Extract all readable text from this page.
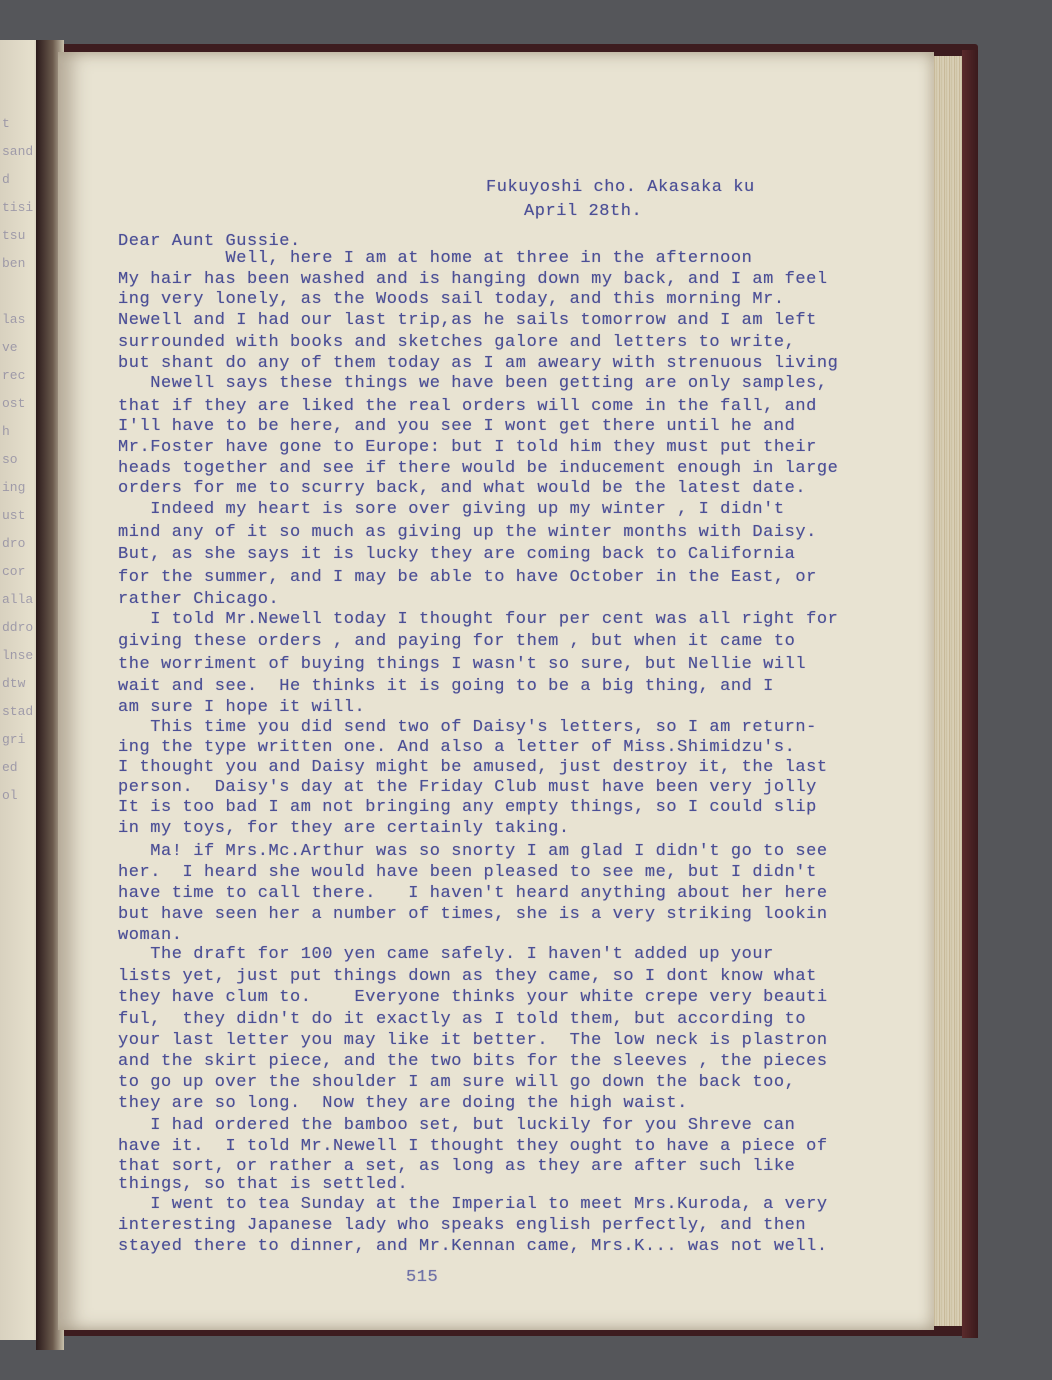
t
sand
d
tisi
tsu
ben

las
ve
rec
ost
h
so
ing
ust
dro
cor
alla
ddro
lnse
dtw
stad
gri
ed
ol
Fukuyoshi cho. Akasaka ku
April 28th.
Dear Aunt Gussie.
Well, here I am at home at three in the afternoon
My hair has been washed and is hanging down my back, and I am feel
ing very lonely, as the Woods sail today, and this morning Mr.
Newell and I had our last trip,as he sails tomorrow and I am left
surrounded with books and sketches galore and letters to write,
but shant do any of them today as I am aweary with strenuous living
Newell says these things we have been getting are only samples,
that if they are liked the real orders will come in the fall, and
I'll have to be here, and you see I wont get there until he and
Mr.Foster have gone to Europe: but I told him they must put their
heads together and see if there would be inducement enough in large
orders for me to scurry back, and what would be the latest date.
Indeed my heart is sore over giving up my winter , I didn't
mind any of it so much as giving up the winter months with Daisy.
But, as she says it is lucky they are coming back to California
for the summer, and I may be able to have October in the East, or
rather Chicago.
I told Mr.Newell today I thought four per cent was all right for
giving these orders , and paying for them , but when it came to
the worriment of buying things I wasn't so sure, but Nellie will
wait and see.  He thinks it is going to be a big thing, and I
am sure I hope it will.
This time you did send two of Daisy's letters, so I am return-
ing the type written one. And also a letter of Miss.Shimidzu's.
I thought you and Daisy might be amused, just destroy it, the last
person.  Daisy's day at the Friday Club must have been very jolly
It is too bad I am not bringing any empty things, so I could slip
in my toys, for they are certainly taking.
Ma! if Mrs.Mc.Arthur was so snorty I am glad I didn't go to see
her.  I heard she would have been pleased to see me, but I didn't
have time to call there.   I haven't heard anything about her here
but have seen her a number of times, she is a very striking lookin
woman.
The draft for 100 yen came safely. I haven't added up your
lists yet, just put things down as they came, so I dont know what
they have clum to.    Everyone thinks your white crepe very beauti
ful,  they didn't do it exactly as I told them, but according to
your last letter you may like it better.  The low neck is plastron
and the skirt piece, and the two bits for the sleeves , the pieces
to go up over the shoulder I am sure will go down the back too,
they are so long.  Now they are doing the high waist.
I had ordered the bamboo set, but luckily for you Shreve can
have it.  I told Mr.Newell I thought they ought to have a piece of
that sort, or rather a set, as long as they are after such like
things, so that is settled.
I went to tea Sunday at the Imperial to meet Mrs.Kuroda, a very
interesting Japanese lady who speaks english perfectly, and then
stayed there to dinner, and Mr.Kennan came, Mrs.K... was not well.
515
